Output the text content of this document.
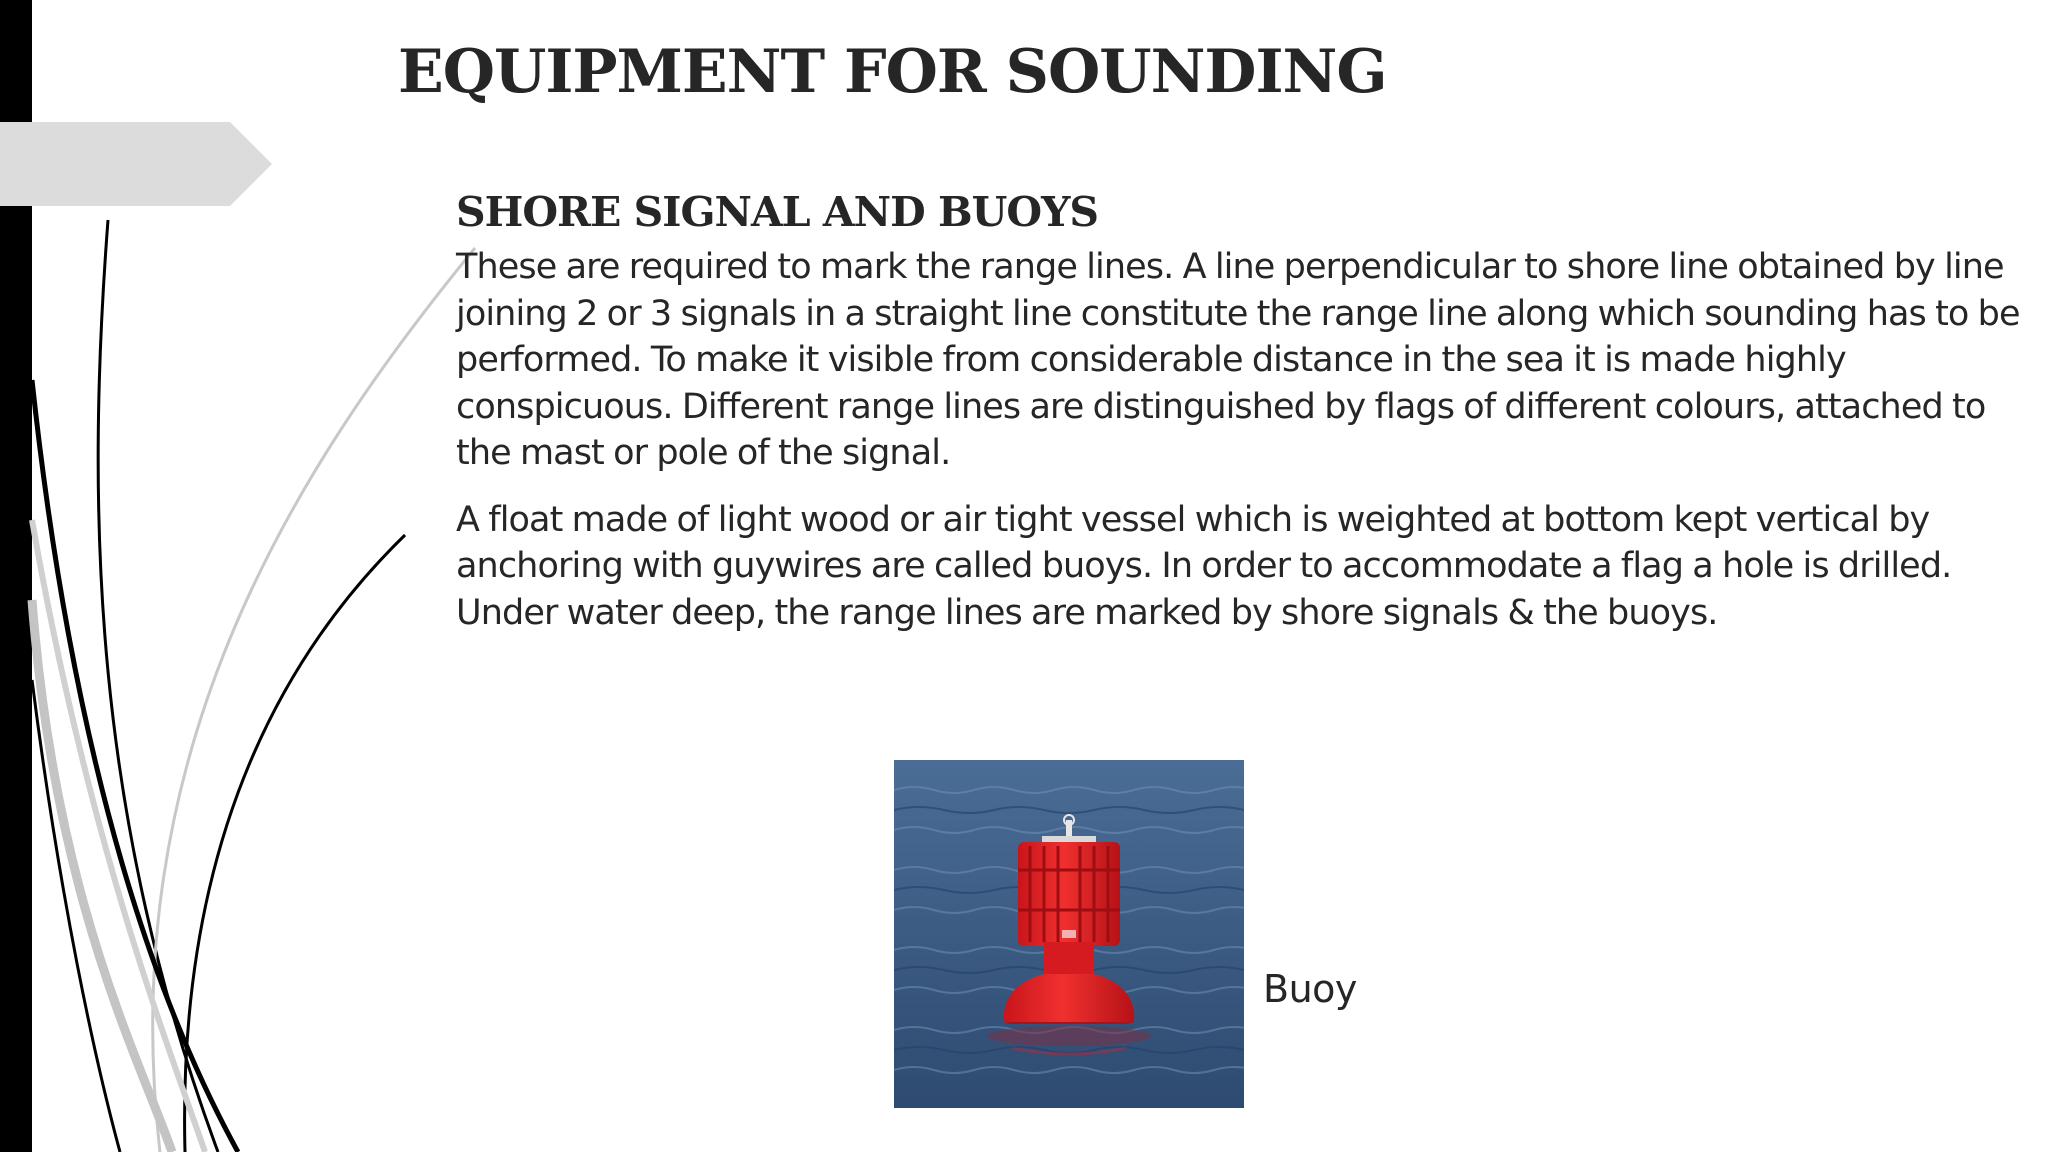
EQUIPMENT FOR SOUNDING
SHORE SIGNAL AND BUOYS

These are required to mark the range lines. A line perpendicular to shore line obtained by line joining 2 or 3 signals in a straight line constitute the range line along which sounding has to be performed. To make it visible from considerable distance in the sea it is made highly conspicuous. Different range lines are distinguished by flags of different colours, attached to the mast or pole of the signal.

A float made of light wood or air tight vessel which is weighted at bottom kept vertical by anchoring with guywires are called buoys. In order to accommodate a flag a hole is drilled. Under water deep, the range lines are marked by shore signals & the buoys.

Buoy
